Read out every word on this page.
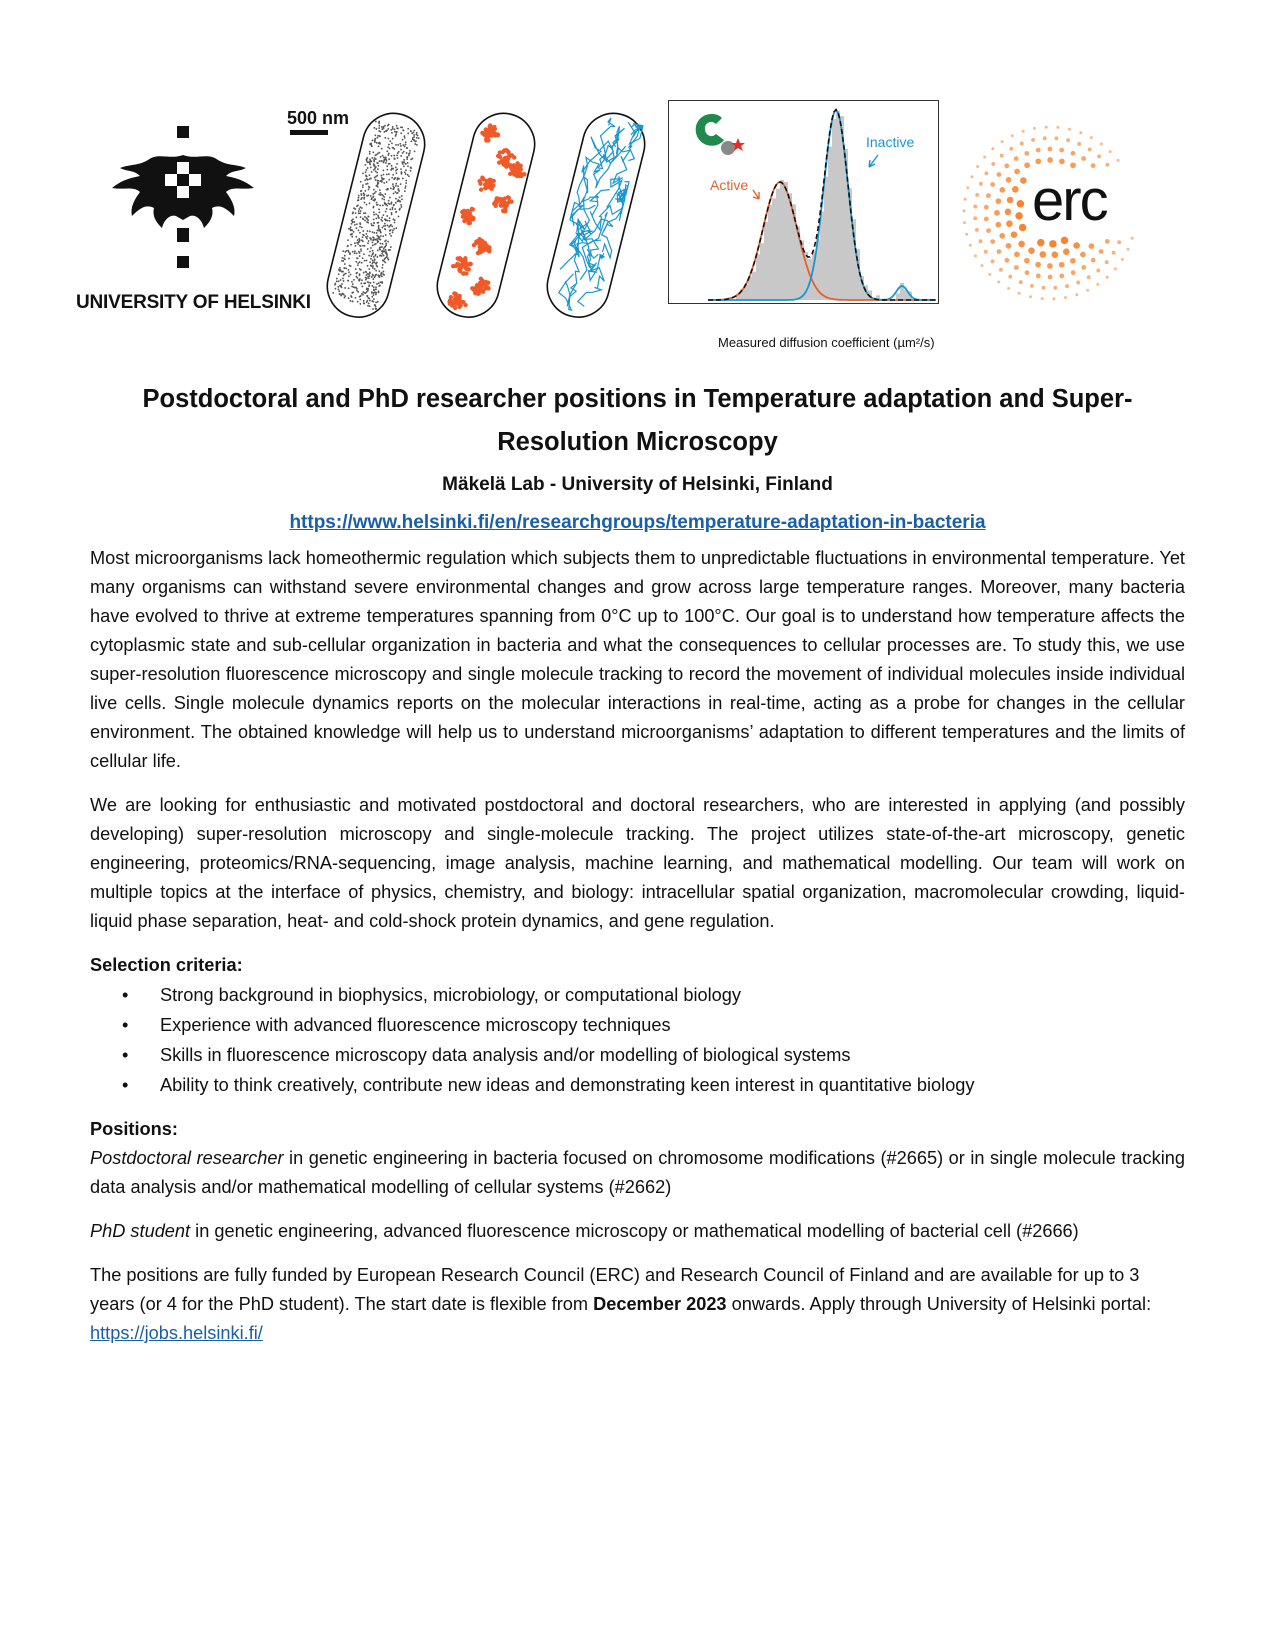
UNIVERSITY OF HELSINKI
500 nm
Active
Inactive
Measured diffusion coefficient (µm²/s)
erc
Postdoctoral and PhD researcher positions in Temperature adaptation and Super-Resolution Microscopy
Mäkelä Lab - University of Helsinki, Finland
https://www.helsinki.fi/en/researchgroups/temperature-adaptation-in-bacteria

Most microorganisms lack homeothermic regulation which subjects them to unpredictable fluctuations in environmental temperature. Yet many organisms can withstand severe environmental changes and grow across large temperature ranges. Moreover, many bacteria have evolved to thrive at extreme temperatures spanning from 0°C up to 100°C. Our goal is to understand how temperature affects the cytoplasmic state and sub-cellular organization in bacteria and what the consequences to cellular processes are. To study this, we use super-resolution fluorescence microscopy and single molecule tracking to record the movement of individual molecules inside individual live cells. Single molecule dynamics reports on the molecular interactions in real-time, acting as a probe for changes in the cellular environment. The obtained knowledge will help us to understand microorganisms’ adaptation to different temperatures and the limits of cellular life.

We are looking for enthusiastic and motivated postdoctoral and doctoral researchers, who are interested in applying (and possibly developing) super-resolution microscopy and single-molecule tracking. The project utilizes state-of-the-art microscopy, genetic engineering, proteomics/RNA-sequencing, image analysis, machine learning, and mathematical modelling. Our team will work on multiple topics at the interface of physics, chemistry, and biology: intracellular spatial organization, macromolecular crowding, liquid-liquid phase separation, heat- and cold-shock protein dynamics, and gene regulation.

Selection criteria:
• Strong background in biophysics, microbiology, or computational biology
• Experience with advanced fluorescence microscopy techniques
• Skills in fluorescence microscopy data analysis and/or modelling of biological systems
• Ability to think creatively, contribute new ideas and demonstrating keen interest in quantitative biology
Positions:

Postdoctoral researcher in genetic engineering in bacteria focused on chromosome modifications (#2665) or in single molecule tracking data analysis and/or mathematical modelling of cellular systems (#2662)

PhD student in genetic engineering, advanced fluorescence microscopy or mathematical modelling of bacterial cell (#2666)

The positions are fully funded by European Research Council (ERC) and Research Council of Finland and are available for up to 3 years (or 4 for the PhD student). The start date is flexible from December 2023 onwards. Apply through University of Helsinki portal: https://jobs.helsinki.fi/
